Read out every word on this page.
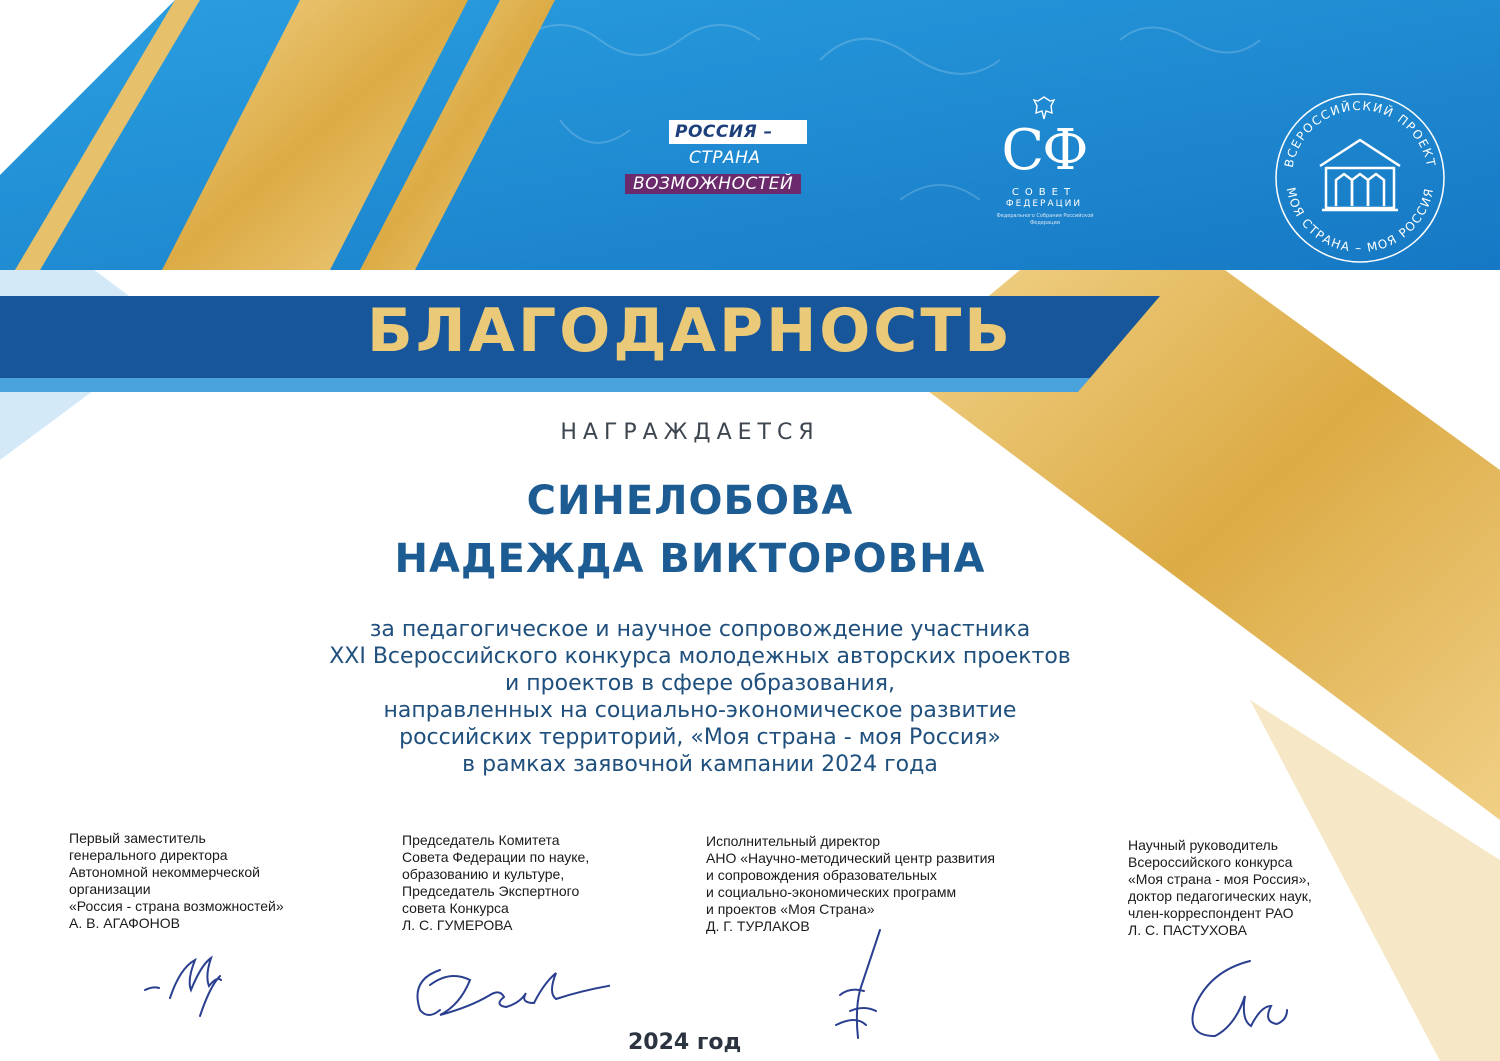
РОССИЯ –
СТРАНА
ВОЗМОЖНОСТЕЙ
СФ
СОВЕТ
ФЕДЕРАЦИИ
Федерального Собрания Российской Федерации
ВСЕРОССИЙСКИЙ ПРОЕКТ
МОЯ СТРАНА – МОЯ РОССИЯ
БЛАГОДАРНОСТЬ
НАГРАЖДАЕТСЯ
СИНЕЛОБОВА
НАДЕЖДА ВИКТОРОВНА
за педагогическое и научное сопровождение участника
XXI Всероссийского конкурса молодежных авторских проектов
и проектов в сфере образования,
направленных на социально-экономическое развитие
российских территорий, «Моя страна - моя Россия»
в рамках заявочной кампании 2024 года
Первый заместитель
генерального директора
Автономной некоммерческой
организации
«Россия - страна возможностей»
А. В. АГАФОНОВ
Председатель Комитета
Совета Федерации по науке,
образованию и культуре,
Председатель Экспертного
совета Конкурса
Л. С. ГУМЕРОВА
Исполнительный директор
АНО «Научно-методический центр развития
и сопровождения образовательных
и социально-экономических программ
и проектов «Моя Страна»
Д. Г. ТУРЛАКОВ
Научный руководитель
Всероссийского конкурса
«Моя страна - моя Россия»,
доктор педагогических наук,
член-корреспондент РАО
Л. С. ПАСТУХОВА
2024 год
